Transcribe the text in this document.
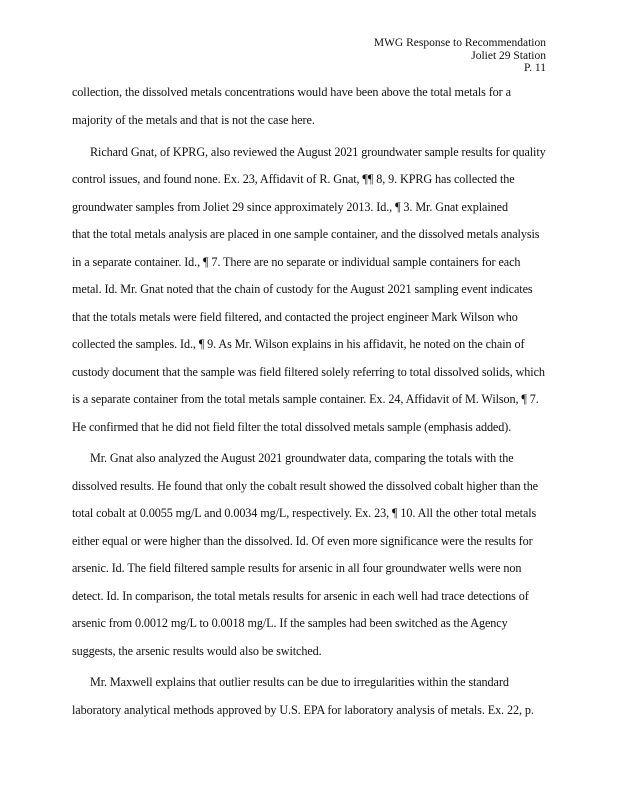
MWG Response to Recommendation
Joliet 29 Station
P. 11
collection, the dissolved metals concentrations would have been above the total metals for a
majority of the metals and that is not the case here.
Richard Gnat, of KPRG, also reviewed the August 2021 groundwater sample results for quality
control issues, and found none. Ex. 23, Affidavit of R. Gnat, ¶¶ 8, 9. KPRG has collected the
groundwater samples from Joliet 29 since approximately 2013. Id., ¶ 3. Mr. Gnat explained
that the total metals analysis are placed in one sample container, and the dissolved metals analysis
in a separate container. Id., ¶ 7. There are no separate or individual sample containers for each
metal. Id. Mr. Gnat noted that the chain of custody for the August 2021 sampling event indicates
that the totals metals were field filtered, and contacted the project engineer Mark Wilson who
collected the samples. Id., ¶ 9. As Mr. Wilson explains in his affidavit, he noted on the chain of
custody document that the sample was field filtered solely referring to total dissolved solids, which
is a separate container from the total metals sample container. Ex. 24, Affidavit of M. Wilson, ¶ 7.
He confirmed that he did not field filter the total dissolved metals sample (emphasis added).
Mr. Gnat also analyzed the August 2021 groundwater data, comparing the totals with the
dissolved results. He found that only the cobalt result showed the dissolved cobalt higher than the
total cobalt at 0.0055 mg/L and 0.0034 mg/L, respectively. Ex. 23, ¶ 10. All the other total metals
either equal or were higher than the dissolved. Id. Of even more significance were the results for
arsenic. Id. The field filtered sample results for arsenic in all four groundwater wells were non
detect. Id. In comparison, the total metals results for arsenic in each well had trace detections of
arsenic from 0.0012 mg/L to 0.0018 mg/L. If the samples had been switched as the Agency
suggests, the arsenic results would also be switched.
Mr. Maxwell explains that outlier results can be due to irregularities within the standard
laboratory analytical methods approved by U.S. EPA for laboratory analysis of metals. Ex. 22, p.
